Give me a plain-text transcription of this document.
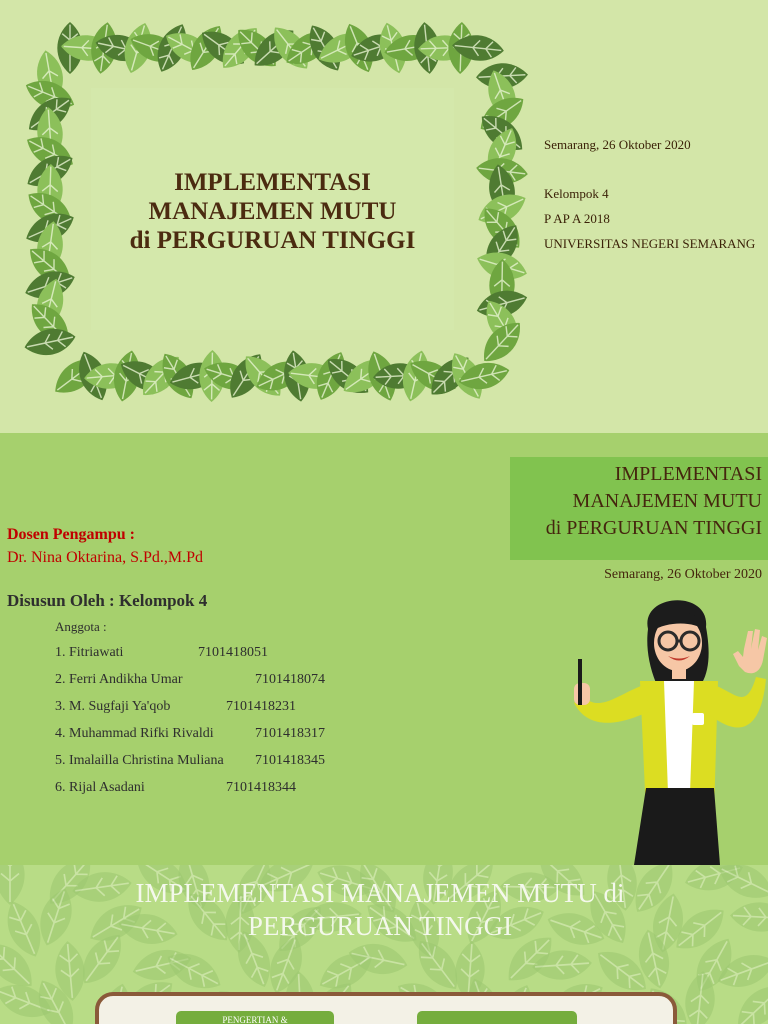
IMPLEMENTASI
MANAJEMEN MUTU
di PERGURUAN TINGGI
Semarang, 26 Oktober 2020
Kelompok 4
P AP A 2018
UNIVERSITAS NEGERI SEMARANG
IMPLEMENTASI
MANAJEMEN MUTU
di PERGURUAN TINGGI
Semarang, 26 Oktober 2020
Dosen Pengampu :
Dr. Nina Oktarina, S.Pd.,M.Pd
Disusun Oleh : Kelompok 4
Anggota :
1. Fitriawati	7101418051
2. Ferri Andikha Umar	7101418074
3. M. Sugfaji Ya'qob	7101418231
4. Muhammad Rifki Rivaldi	7101418317
5. Imalailla Christina Muliana 7101418345
6. Rijal Asadani	7101418344
IMPLEMENTASI MANAJEMEN MUTU di
PERGURUAN TINGGI
PENGERTIAN &
